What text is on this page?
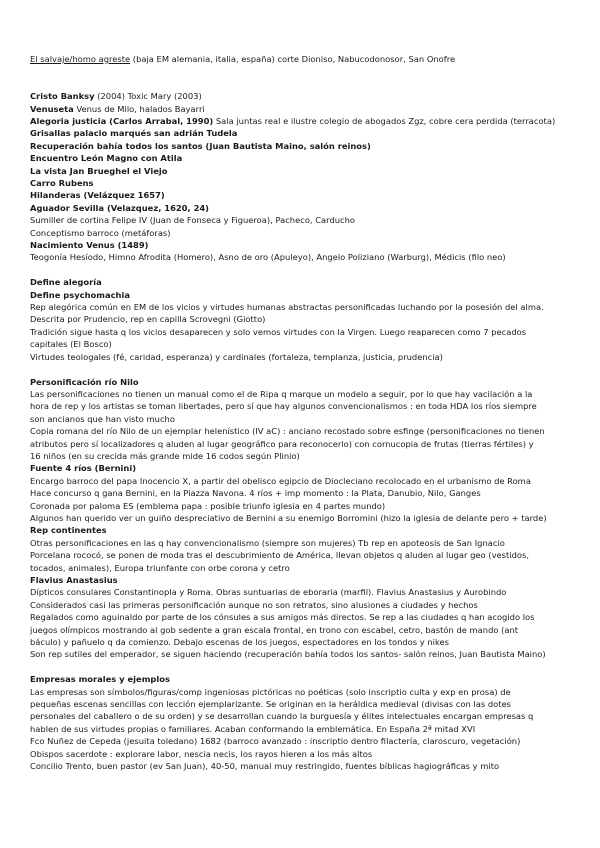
El salvaje/homo agreste (baja EM alemania, italia, españa) corte Dioniso, Nabucodonosor, San Onofre
Cristo Banksy (2004) Toxic Mary (2003)
Venuseta Venus de Milo, halados Bayarri
Alegoria justicia (Carlos Arrabal, 1990) Sala juntas real e ilustre colegio de abogados Zgz, cobre cera perdida (terracota)
Grisallas palacio marqués san adrián Tudela
Recuperación bahía todos los santos (Juan Bautista Maino, salón reinos)
Encuentro León Magno con Atila
La vista Jan Brueghel el Viejo
Carro Rubens
Hilanderas (Velázquez 1657)
Aguador Sevilla (Velazquez, 1620, 24)
Sumiller de cortina Felipe IV (Juan de Fonseca y Figueroa), Pacheco, Carducho
Conceptismo barroco (metáforas)
Nacimiento Venus (1489)
Teogonía Hesíodo, Himno Afrodita (Homero), Asno de oro (Apuleyo), Angelo Poliziano (Warburg), Médicis (filo neo)
Define alegoría
Define psychomachia
Rep alegórica común en EM de los vicios y virtudes humanas abstractas personificadas luchando por la posesión del alma.
Descrita por Prudencio, rep en capilla Scrovegni (Giotto)
Tradición sigue hasta q los vicios desaparecen y solo vemos virtudes con la Virgen. Luego reaparecen como 7 pecados
capitales (El Bosco)
Virtudes teologales (fé, caridad, esperanza) y cardinales (fortaleza, templanza, justicia, prudencia)
Personificación río Nilo
Las personificaciones no tienen un manual como el de Ripa q marque un modelo a seguir, por lo que hay vacilación a la
hora de rep y los artistas se toman libertades, pero sí que hay algunos convencionalismos : en toda HDA los ríos siempre
son ancianos que han visto mucho
Copia romana del río Nilo de un ejemplar helenístico (IV aC) : anciano recostado sobre esfinge (personificaciones no tienen
atributos pero sí localizadores q aluden al lugar geográfico para reconocerlo) con cornucopia de frutas (tierras fértiles) y
16 niños (en su crecida más grande mide 16 codos según Plinio)
Fuente 4 ríos (Bernini)
Encargo barroco del papa Inocencio X, a partir del obelisco egipcio de Diocleciano recolocado en el urbanismo de Roma
Hace concurso q gana Bernini, en la Piazza Navona. 4 ríos + imp momento : la Plata, Danubio, Nilo, Ganges
Coronada por paloma ES (emblema papa : posible triunfo iglesia en 4 partes mundo)
Algunos han querido ver un guiño despreciativo de Bernini a su enemigo Borromini (hizo la iglesia de delante pero + tarde)
Rep continentes
Otras personificaciones en las q hay convencionalismo (siempre son mujeres) Tb rep en apoteosis de San Ignacio
Porcelana rococó, se ponen de moda tras el descubrimiento de América, llevan objetos q aluden al lugar geo (vestidos,
tocados, animales), Europa triunfante con orbe corona y cetro
Flavius Anastasius
Dípticos consulares Constantinopla y Roma. Obras suntuarias de eboraria (marfil). Flavius Anastasius y Aurobindo
Considerados casi las primeras personificación aunque no son retratos, sino alusiones a ciudades y hechos
Regalados como aguinaldo por parte de los cónsules a sus amigos más directos. Se rep a las ciudades q han acogido los
juegos olímpicos mostrando al gob sedente a gran escala frontal, en trono con escabel, cetro, bastón de mando (ant
báculo) y pañuelo q da comienzo. Debajo escenas de los juegos, espectadores en los tondos y nikes
Son rep sutiles del emperador, se siguen haciendo (recuperación bahía todos los santos- salón reinos, Juan Bautista Maino)
Empresas morales y ejemplos
Las empresas son símbolos/figuras/comp ingeniosas pictóricas no poéticas (solo inscriptio culta y exp en prosa) de
pequeñas escenas sencillas con lección ejemplarizante. Se originan en la heráldica medieval (divisas con las dotes
personales del caballero o de su orden) y se desarrollan cuando la burguesía y élites intelectuales encargan empresas q
hablen de sus virtudes propias o familiares. Acaban conformando la emblemática. En España 2ª mitad XVI
Fco Nuñez de Cepeda (jesuita toledano) 1682 (barroco avanzado : inscriptio dentro filactería, claroscuro, vegetación)
Obispos sacerdote : explorare labor, nescia necis, los rayos hieren a los más altos
Concilio Trento, buen pastor (ev San Juan), 40-50, manual muy restringido, fuentes bíblicas hagiográficas y mito
